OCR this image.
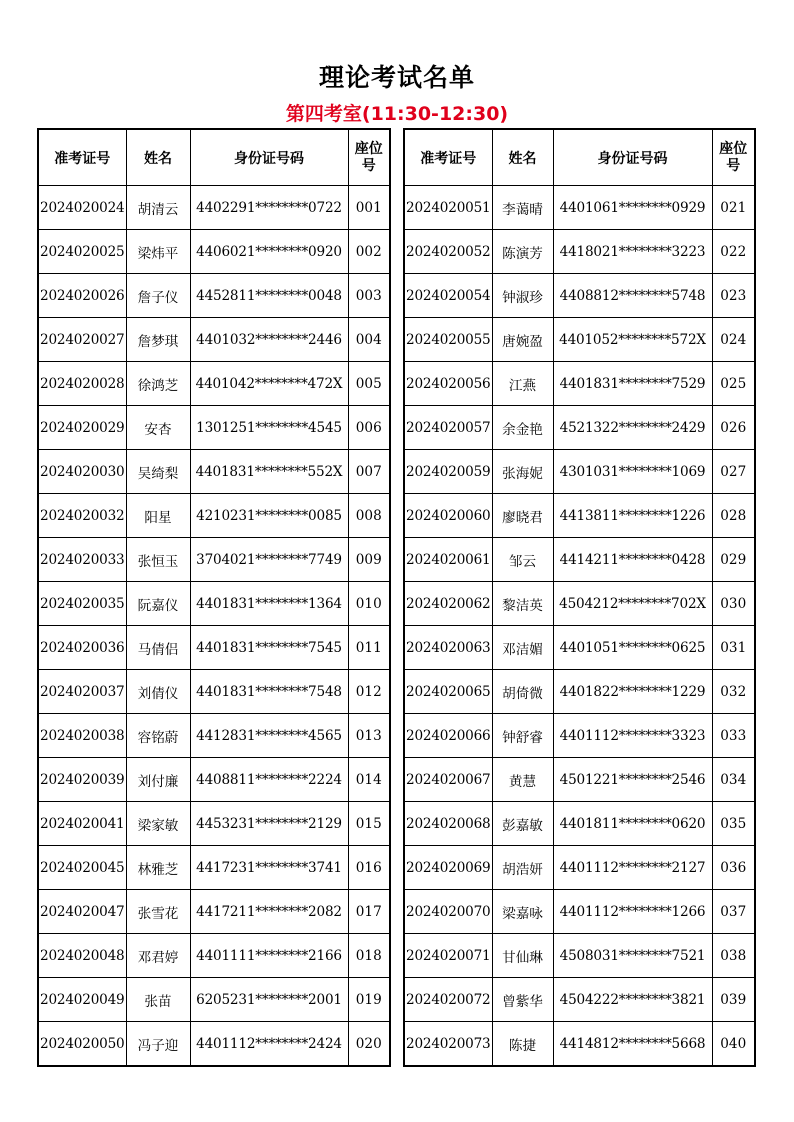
理论考试名单
第四考室(11:30-12:30)
准考证号	姓名	身份证号码	座位
号

2024020024	胡清云	4402291********0722	001
2024020025	梁炜平	4406021********0920	002
2024020026	詹子仪	4452811********0048	003
2024020027	詹梦琪	4401032********2446	004
2024020028	徐鸿芝	4401042********472X	005
2024020029	安杏	1301251********4545	006
2024020030	吴绮梨	4401831********552X	007
2024020032	阳星	4210231********0085	008
2024020033	张恒玉	3704021********7749	009
2024020035	阮嘉仪	4401831********1364	010
2024020036	马倩侣	4401831********7545	011
2024020037	刘倩仪	4401831********7548	012
2024020038	容铭蔚	4412831********4565	013
2024020039	刘付廉	4408811********2224	014
2024020041	梁家敏	4453231********2129	015
2024020045	林雅芝	4417231********3741	016
2024020047	张雪花	4417211********2082	017
2024020048	邓君婷	4401111********2166	018
2024020049	张苗	6205231********2001	019
2024020050	冯子迎	4401112********2424	020
准考证号	姓名	身份证号码	座位
号

2024020051	李蔼晴	4401061********0929	021
2024020052	陈演芳	4418021********3223	022
2024020054	钟淑珍	4408812********5748	023
2024020055	唐婉盈	4401052********572X	024
2024020056	江燕	4401831********7529	025
2024020057	余金艳	4521322********2429	026
2024020059	张海妮	4301031********1069	027
2024020060	廖晓君	4413811********1226	028
2024020061	邹云	4414211********0428	029
2024020062	黎洁英	4504212********702X	030
2024020063	邓洁媚	4401051********0625	031
2024020065	胡倚微	4401822********1229	032
2024020066	钟舒睿	4401112********3323	033
2024020067	黄慧	4501221********2546	034
2024020068	彭嘉敏	4401811********0620	035
2024020069	胡浩妍	4401112********2127	036
2024020070	梁嘉咏	4401112********1266	037
2024020071	甘仙琳	4508031********7521	038
2024020072	曾紫华	4504222********3821	039
2024020073	陈捷	4414812********5668	040
